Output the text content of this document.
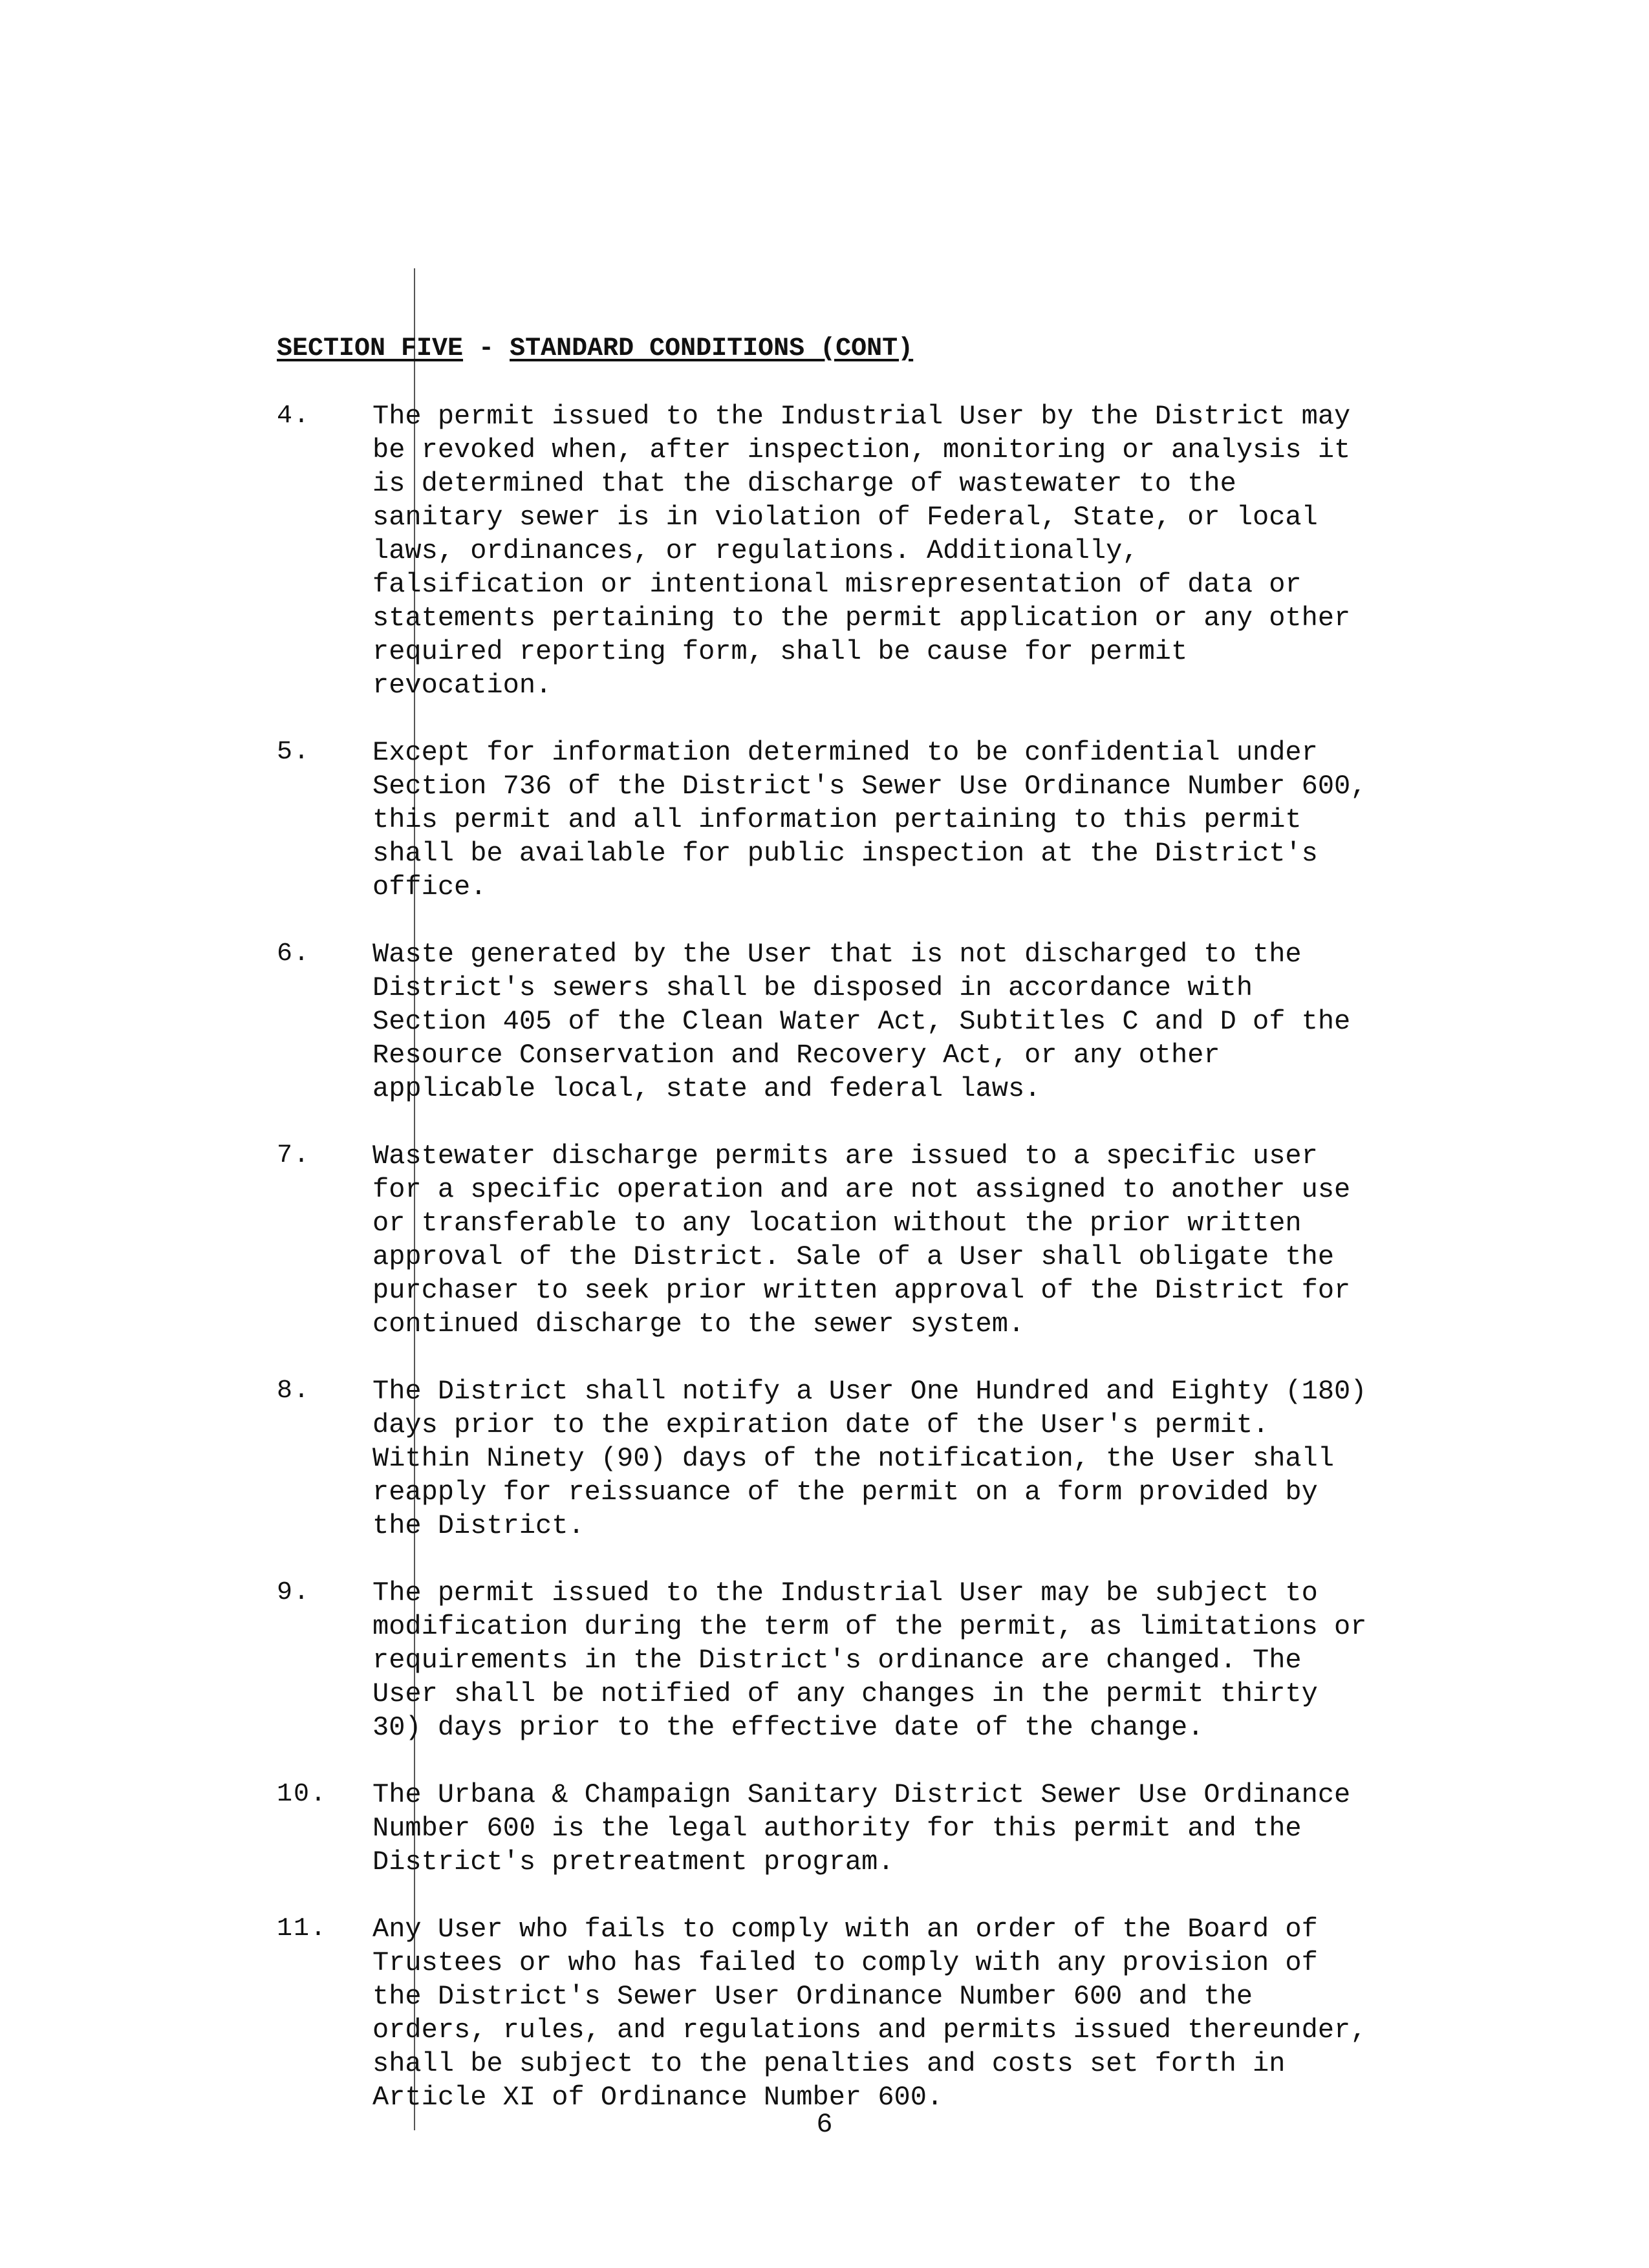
SECTION FIVE - STANDARD CONDITIONS (CONT)
4.	The permit issued to the Industrial User by the District may
be revoked when, after inspection, monitoring or analysis it
is determined that the discharge of wastewater to the
sanitary sewer is in violation of Federal, State, or local
laws, ordinances, or regulations. Additionally,
falsification or intentional misrepresentation of data or
statements pertaining to the permit application or any other
required reporting form, shall be cause for permit
revocation.
5.	Except for information determined to be confidential under
Section 736 of the District's Sewer Use Ordinance Number 600,
this permit and all information pertaining to this permit
shall be available for public inspection at the District's
office.
6.	Waste generated by the User that is not discharged to the
District's sewers shall be disposed in accordance with
Section 405 of the Clean Water Act, Subtitles C and D of the
Resource Conservation and Recovery Act, or any other
applicable local, state and federal laws.
7.	Wastewater discharge permits are issued to a specific user
for a specific operation and are not assigned to another use
or transferable to any location without the prior written
approval of the District. Sale of a User shall obligate the
purchaser to seek prior written approval of the District for
continued discharge to the sewer system.
8.	The District shall notify a User One Hundred and Eighty (180)
days prior to the expiration date of the User's permit.
Within Ninety (90) days of the notification, the User shall
reapply for reissuance of the permit on a form provided by
the District.
9.	The permit issued to the Industrial User may be subject to
modification during the term of the permit, as limitations or
requirements in the District's ordinance are changed. The
User shall be notified of any changes in the permit thirty
30) days prior to the effective date of the change.
10.	The Urbana & Champaign Sanitary District Sewer Use Ordinance
Number 600 is the legal authority for this permit and the
District's pretreatment program.
11.	Any User who fails to comply with an order of the Board of
Trustees or who has failed to comply with any provision of
the District's Sewer User Ordinance Number 600 and the
orders, rules, and regulations and permits issued thereunder,
shall be subject to the penalties and costs set forth in
Article XI of Ordinance Number 600.
6
